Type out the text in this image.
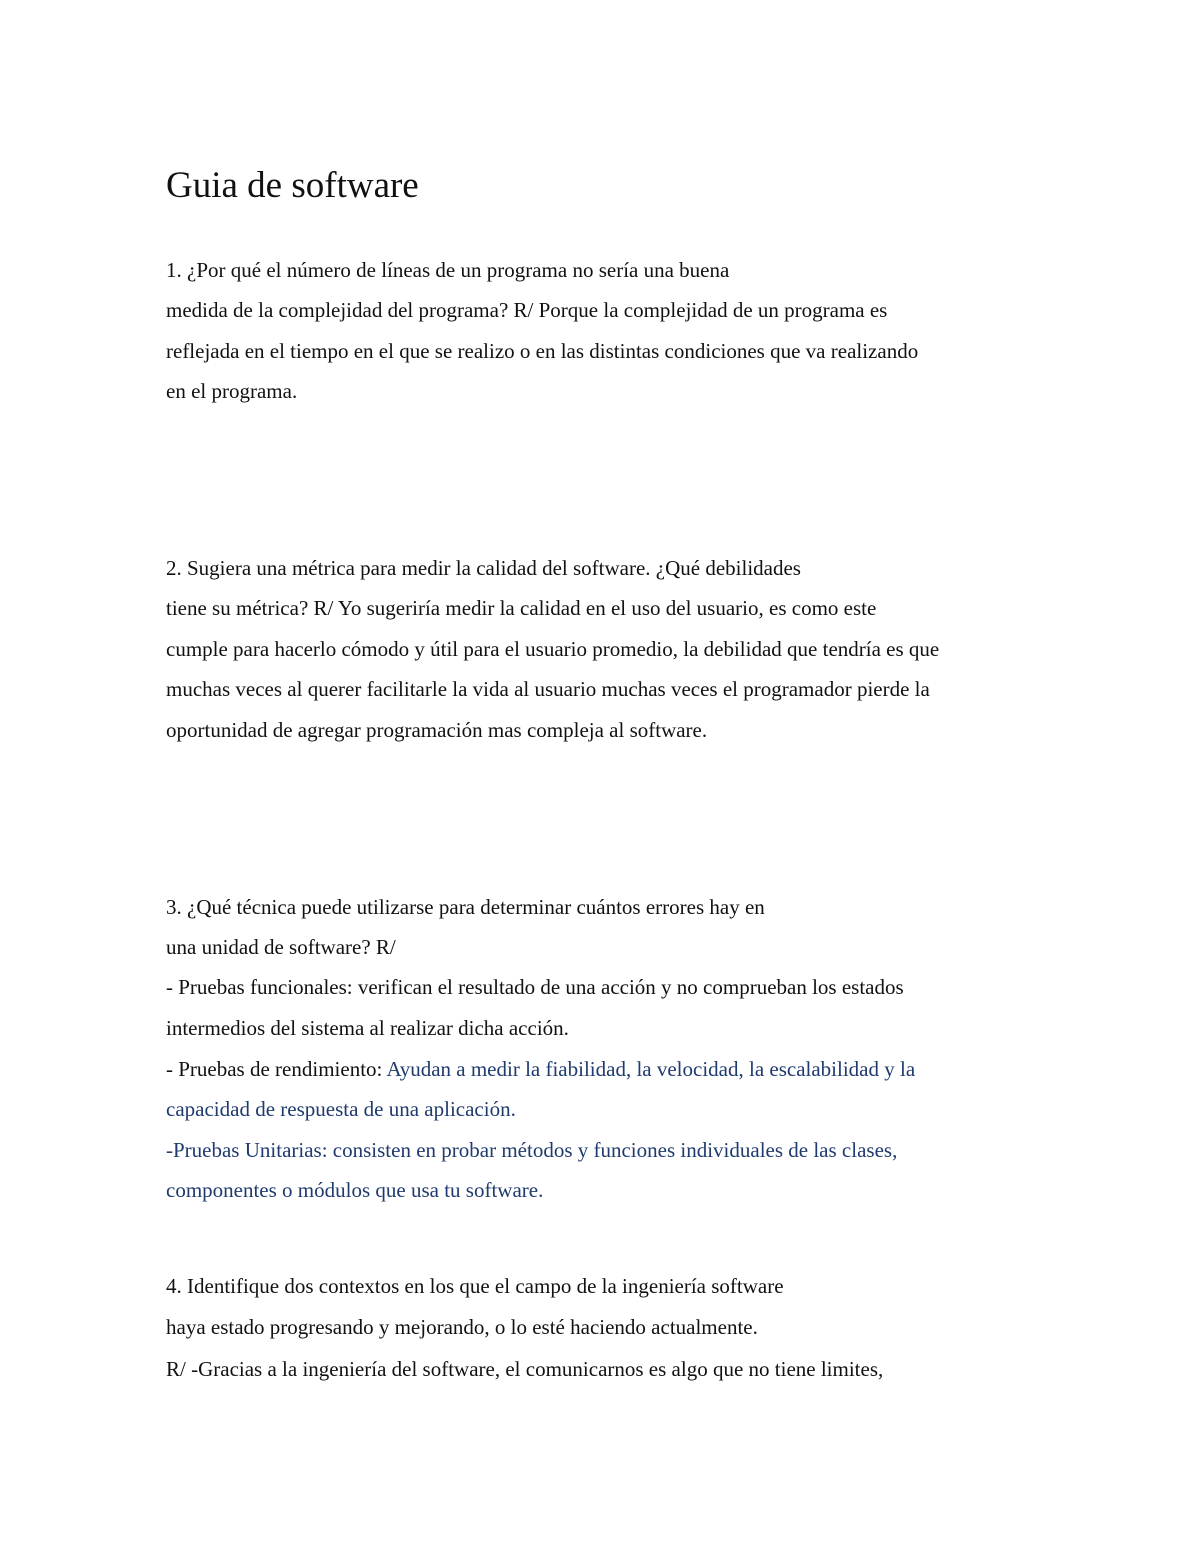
Guia de software
1. ¿Por qué el número de líneas de un programa no sería una buena
medida de la complejidad del programa? R/ Porque la complejidad de un programa es
reflejada en el tiempo en el que se realizo o en las distintas condiciones que va realizando
en el programa.
2. Sugiera una métrica para medir la calidad del software. ¿Qué debilidades
tiene su métrica? R/ Yo sugeriría medir la calidad en el uso del usuario, es como este
cumple para hacerlo cómodo y útil para el usuario promedio, la debilidad que tendría es que
muchas veces al querer facilitarle la vida al usuario muchas veces el programador pierde la
oportunidad de agregar programación mas compleja al software.
3. ¿Qué técnica puede utilizarse para determinar cuántos errores hay en
una unidad de software? R/
- Pruebas funcionales: verifican el resultado de una acción y no comprueban los estados
intermedios del sistema al realizar dicha acción.
- Pruebas de rendimiento: Ayudan a medir la fiabilidad, la velocidad, la escalabilidad y la
capacidad de respuesta de una aplicación.
-Pruebas Unitarias: consisten en probar métodos y funciones individuales de las clases,
componentes o módulos que usa tu software.
4. Identifique dos contextos en los que el campo de la ingeniería software
haya estado progresando y mejorando, o lo esté haciendo actualmente.
R/ -Gracias a la ingeniería del software, el comunicarnos es algo que no tiene limites,
